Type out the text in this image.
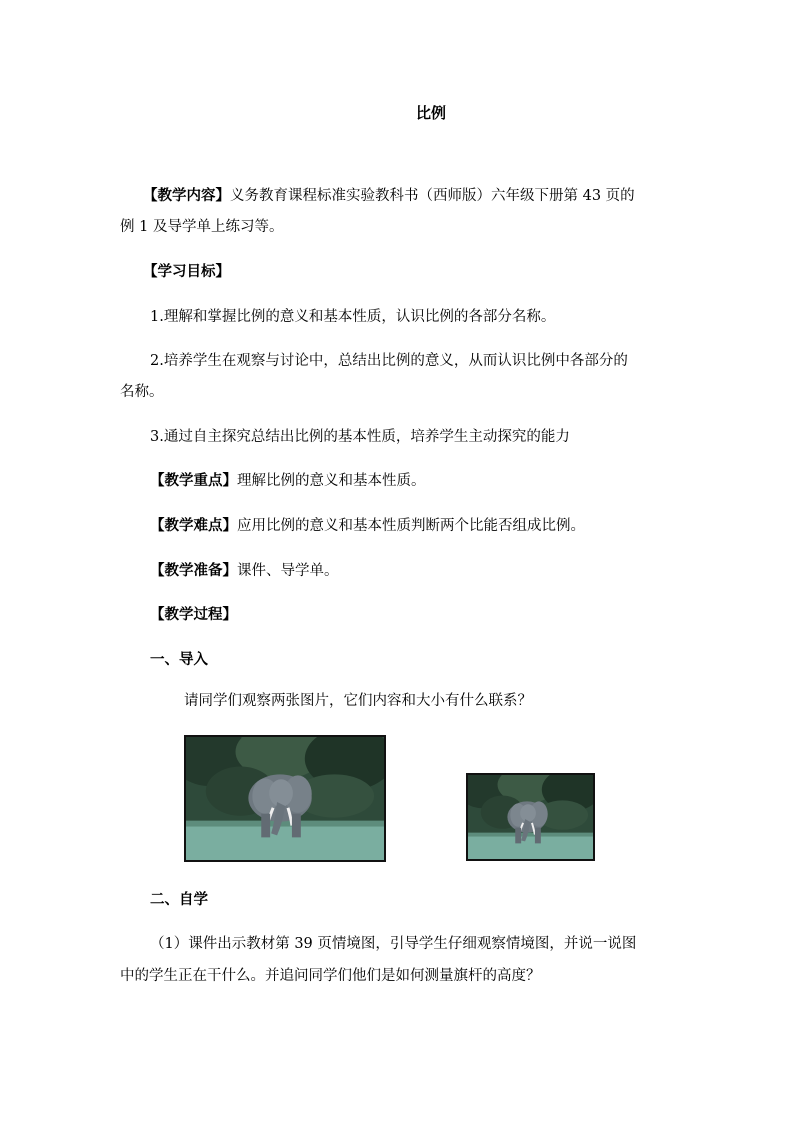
比例
【教学内容】义务教育课程标准实验教科书（西师版）六年级下册第 43 页的
例 1 及导学单上练习等。
【学习目标】
1.理解和掌握比例的意义和基本性质，认识比例的各部分名称。
2.培养学生在观察与讨论中，总结出比例的意义，从而认识比例中各部分的
名称。
3.通过自主探究总结出比例的基本性质，培养学生主动探究的能力
【教学重点】理解比例的意义和基本性质。
【教学难点】应用比例的意义和基本性质判断两个比能否组成比例。
【教学准备】课件、导学单。
【教学过程】
一、导入
请同学们观察两张图片，它们内容和大小有什么联系？
二、自学
（1）课件出示教材第 39 页情境图，引导学生仔细观察情境图，并说一说图
中的学生正在干什么。并追问同学们他们是如何测量旗杆的高度？
